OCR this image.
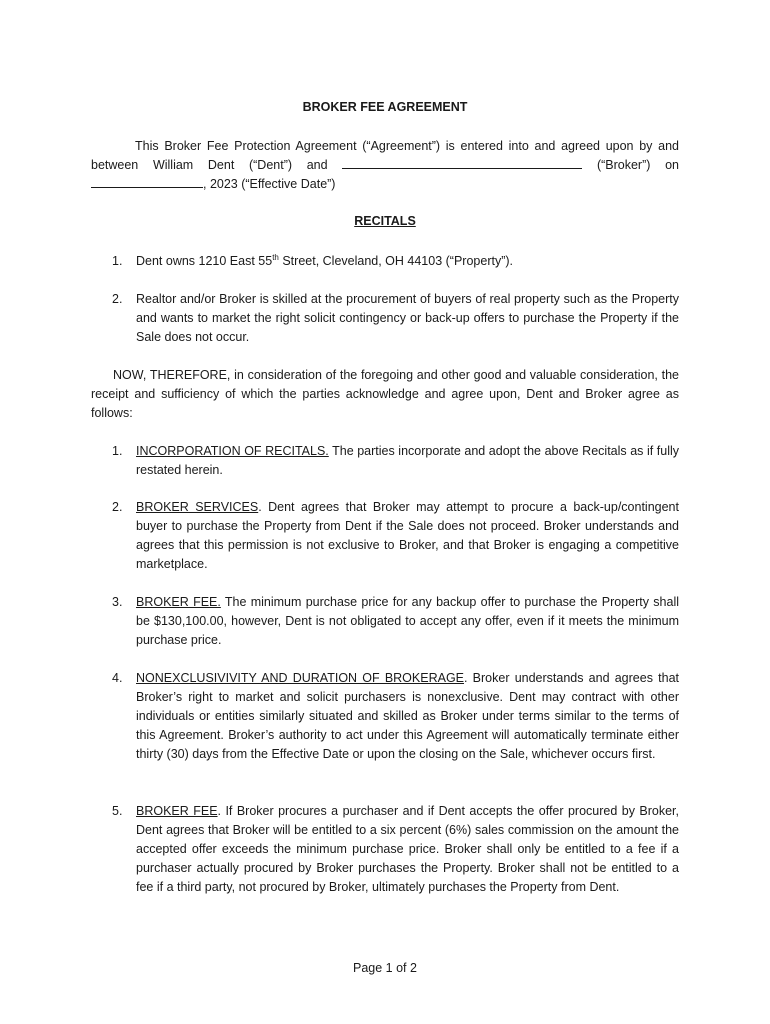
BROKER FEE AGREEMENT
This Broker Fee Protection Agreement (“Agreement”) is entered into and agreed upon by and between William Dent (“Dent”) and	(“Broker”) on , 2023 (“Effective Date”)
RECITALS
1.	Dent owns 1210 East 55th Street, Cleveland, OH 44103 (“Property”).
2.	Realtor and/or Broker is skilled at the procurement of buyers of real property such as the Property and wants to market the right solicit contingency or back-up offers to purchase the Property if the Sale does not occur.
NOW, THEREFORE, in consideration of the foregoing and other good and valuable consideration, the receipt and sufficiency of which the parties acknowledge and agree upon, Dent and Broker agree as follows:
1.	INCORPORATION OF RECITALS. The parties incorporate and adopt the above Recitals as if fully restated herein.
2.	BROKER SERVICES. Dent agrees that Broker may attempt to procure a back-up/contingent buyer to purchase the Property from Dent if the Sale does not proceed. Broker understands and agrees that this permission is not exclusive to Broker, and that Broker is engaging a competitive marketplace.
3.	BROKER FEE. The minimum purchase price for any backup offer to purchase the Property shall be $130,100.00, however, Dent is not obligated to accept any offer, even if it meets the minimum purchase price.
4.	NONEXCLUSIVIVITY AND DURATION OF BROKERAGE. Broker understands and agrees that Broker’s right to market and solicit purchasers is nonexclusive. Dent may contract with other individuals or entities similarly situated and skilled as Broker under terms similar to the terms of this Agreement. Broker’s authority to act under this Agreement will automatically terminate either thirty (30) days from the Effective Date or upon the closing on the Sale, whichever occurs first.
5.	BROKER FEE. If Broker procures a purchaser and if Dent accepts the offer procured by Broker, Dent agrees that Broker will be entitled to a six percent (6%) sales commission on the amount the accepted offer exceeds the minimum purchase price. Broker shall only be entitled to a fee if a purchaser actually procured by Broker purchases the Property. Broker shall not be entitled to a fee if a third party, not procured by Broker, ultimately purchases the Property from Dent.
Page 1 of 2
